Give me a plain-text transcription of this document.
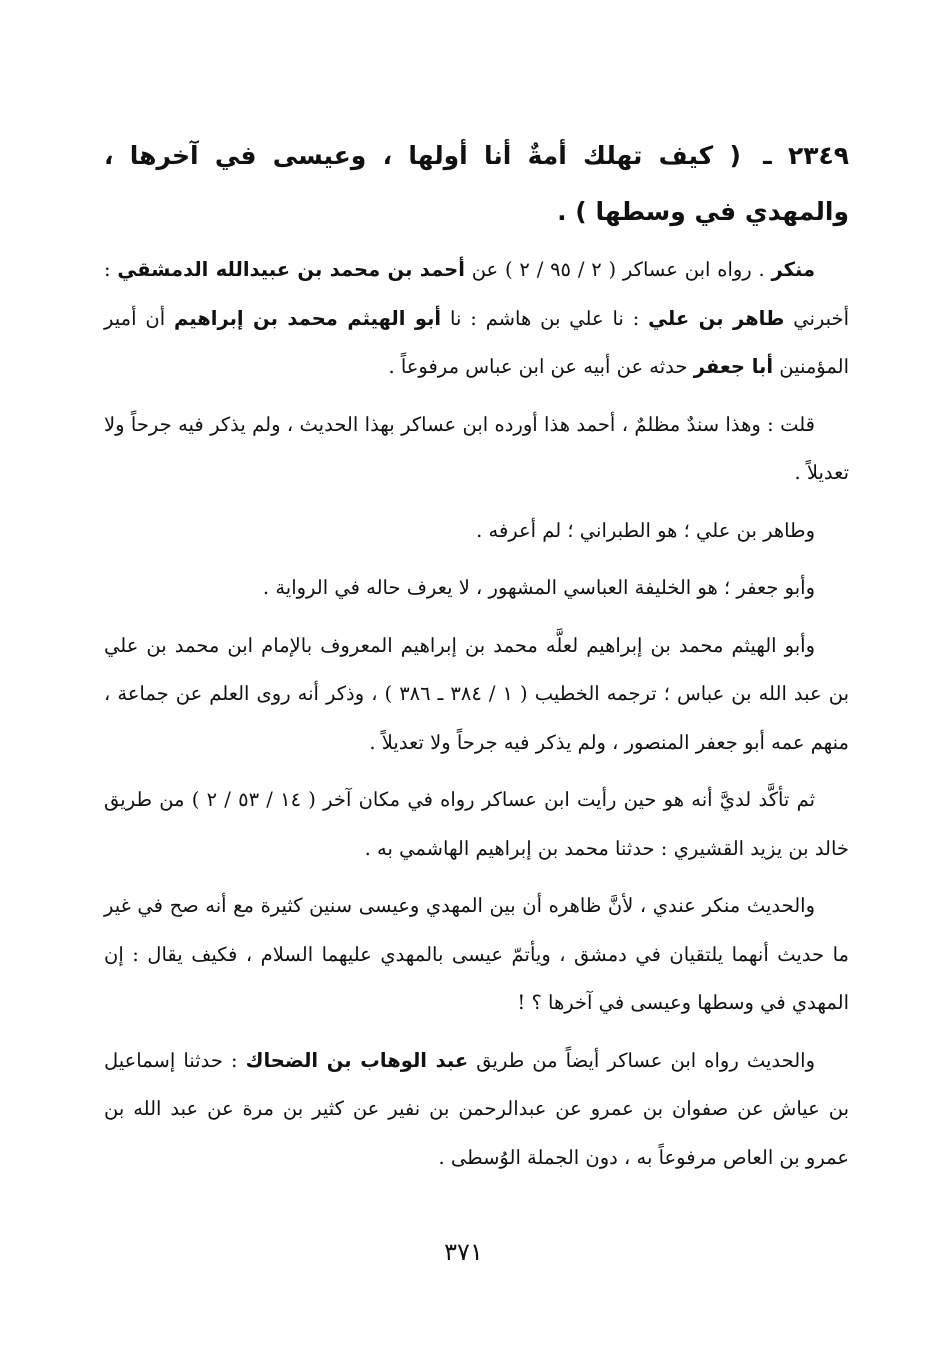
٢٣٤٩ ـ ( كيف تهلك أمةٌ أنا أولها ، وعيسى في آخرها ، والمهدي في وسطها ) .

منكر . رواه ابن عساكر ( ٢ / ٩٥ / ٢ ) عن أحمد بن محمد بن عبيدالله الدمشقي : أخبرني طاهر بن علي : نا علي بن هاشم : نا أبو الهيثم محمد بن إبراهيم أن أمير المؤمنين أبا جعفر حدثه عن أبيه عن ابن عباس مرفوعاً .

قلت : وهذا سندٌ مظلمٌ ، أحمد هذا أورده ابن عساكر بهذا الحديث ، ولم يذكر فيه جرحاً ولا تعديلاً .

وطاهر بن علي ؛ هو الطبراني ؛ لم أعرفه .

وأبو جعفر ؛ هو الخليفة العباسي المشهور ، لا يعرف حاله في الرواية .

وأبو الهيثم محمد بن إبراهيم لعلَّه محمد بن إبراهيم المعروف بالإمام ابن محمد بن علي بن عبد الله بن عباس ؛ ترجمه الخطيب ( ١ / ٣٨٤ ـ ٣٨٦ ) ، وذكر أنه روى العلم عن جماعة ، منهم عمه أبو جعفر المنصور ، ولم يذكر فيه جرحاً ولا تعديلاً .

ثم تأكَّد لديَّ أنه هو حين رأيت ابن عساكر رواه في مكان آخر ( ١٤ / ٥٣ / ٢ ) من طريق خالد بن يزيد القشيري : حدثنا محمد بن إبراهيم الهاشمي به .

والحديث منكر عندي ، لأنَّ ظاهره أن بين المهدي وعيسى سنين كثيرة مع أنه صح في غير ما حديث أنهما يلتقيان في دمشق ، ويأتمّ عيسى بالمهدي عليهما السلام ، فكيف يقال : إن المهدي في وسطها وعيسى في آخرها ؟ !

والحديث رواه ابن عساكر أيضاً من طريق عبد الوهاب بن الضحاك : حدثنا إسماعيل بن عياش عن صفوان بن عمرو عن عبدالرحمن بن نفير عن كثير بن مرة عن عبد الله بن عمرو بن العاص مرفوعاً به ، دون الجملة الوُسطى .

٣٧١
